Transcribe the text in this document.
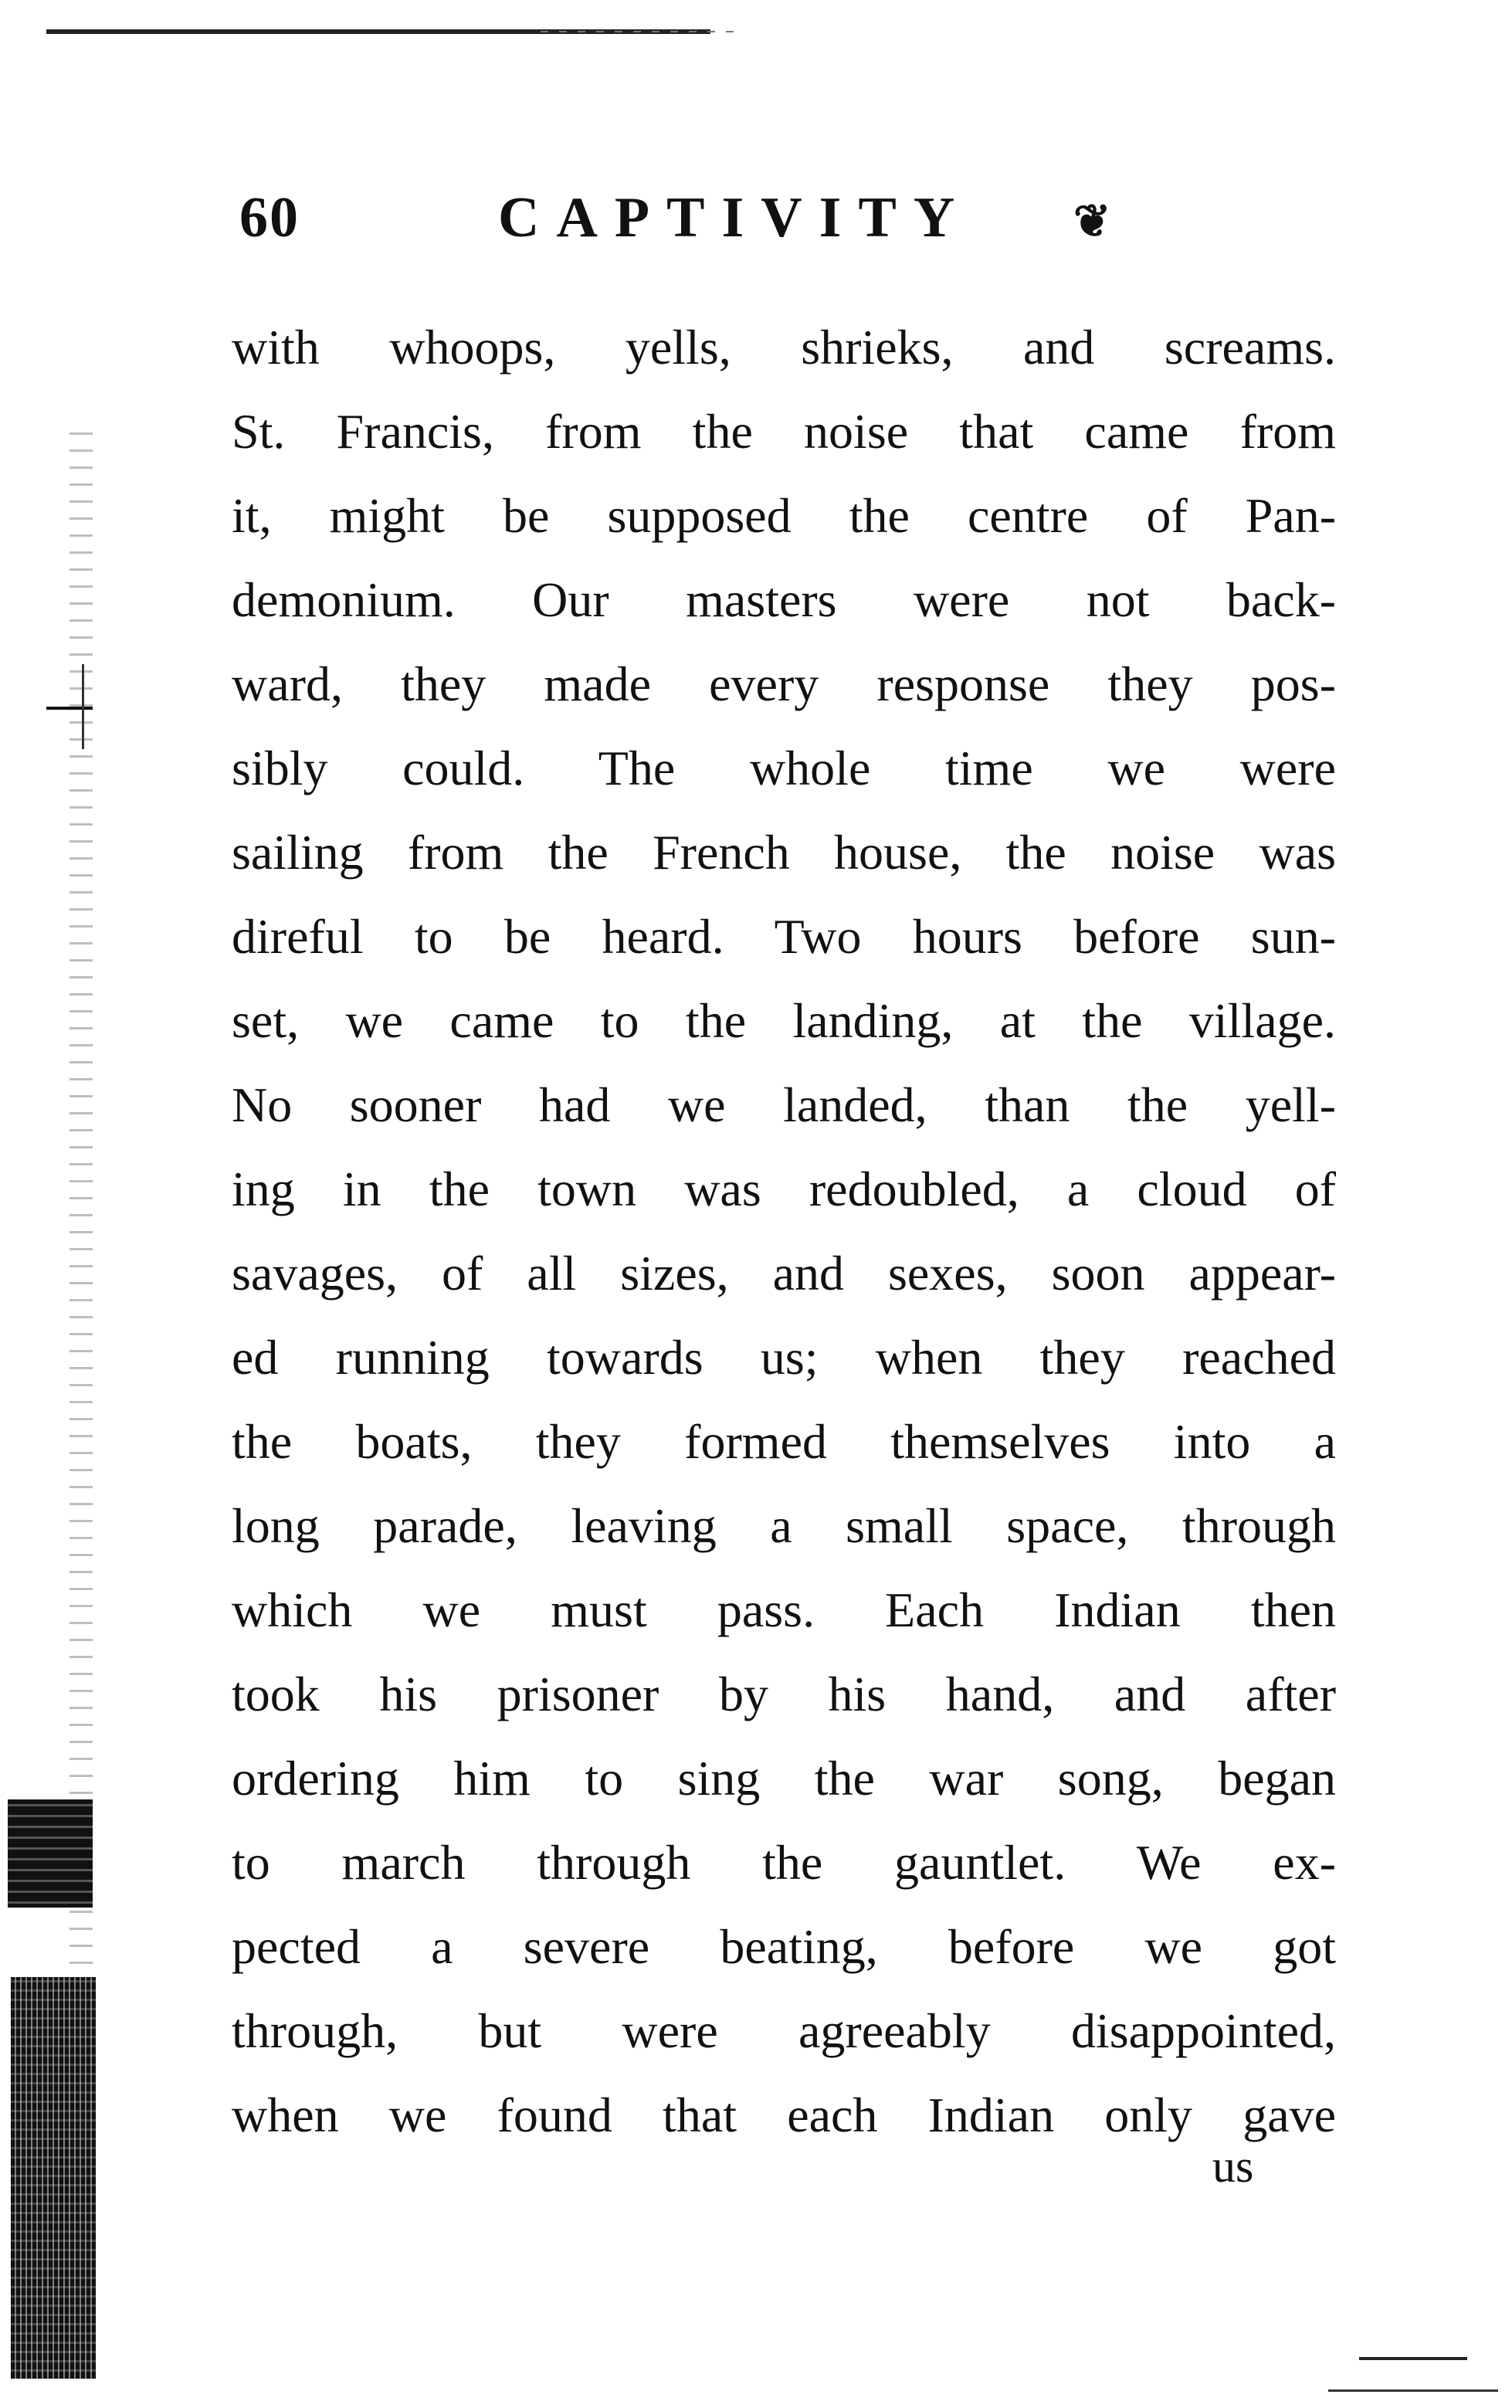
60	CAPTIVITY ❦
with whoops, yells, shrieks, and screams.
St. Francis, from the noise that came from
it, might be supposed the centre of Pan-
demonium. Our masters were not back-
ward, they made every response they pos-
sibly could. The whole time we were
sailing from the French house, the noise was
direful to be heard. Two hours before sun-
set, we came to the landing, at the village.
No sooner had we landed, than the yell-
ing in the town was redoubled, a cloud of
savages, of all sizes, and sexes, soon appear-
ed running towards us; when they reached
the boats, they formed themselves into a
long parade, leaving a small space, through
which we must pass. Each Indian then
took his prisoner by his hand, and after
ordering him to sing the war song, began
to march through the gauntlet. We ex-
pected a severe beating, before we got
through, but were agreeably disappointed,
when we found that each Indian only gave
us
